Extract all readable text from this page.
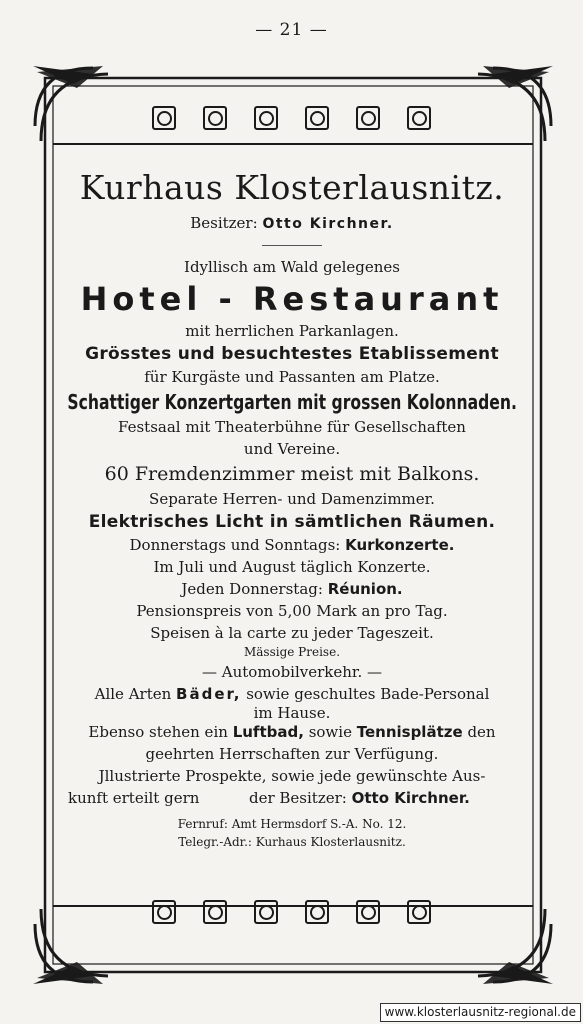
— 21 —
Kurhaus Klosterlausnitz.
Besitzer: Otto Kirchner.
Idyllisch am Wald gelegenes
Hotel - Restaurant
mit herrlichen Parkanlagen.
Grösstes und besuchtestes Etablissement
für Kurgäste und Passanten am Platze.
Schattiger Konzertgarten mit grossen Kolonnaden.
Festsaal mit Theaterbühne für Gesellschaften
und Vereine.
60 Fremdenzimmer meist mit Balkons.
Separate Herren- und Damenzimmer.
Elektrisches Licht in sämtlichen Räumen.
Donnerstags und Sonntags: Kurkonzerte.
Im Juli und August täglich Konzerte.
Jeden Donnerstag: Réunion.
Pensionspreis von 5,00 Mark an pro Tag.
Speisen à la carte zu jeder Tageszeit.
Mässige Preise.
— Automobilverkehr. —
Alle Arten Bäder, sowie geschultes Bade-Personal
im Hause.
Ebenso stehen ein Luftbad, sowie Tennisplätze den
geehrten Herrschaften zur Verfügung.
Jllustrierte Prospekte, sowie jede gewünschte Aus-
kunft erteilt gern	der Besitzer: Otto Kirchner.
Fernruf: Amt Hermsdorf S.-A. No. 12.
Telegr.-Adr.: Kurhaus Klosterlausnitz.
www.klosterlausnitz-regional.de
